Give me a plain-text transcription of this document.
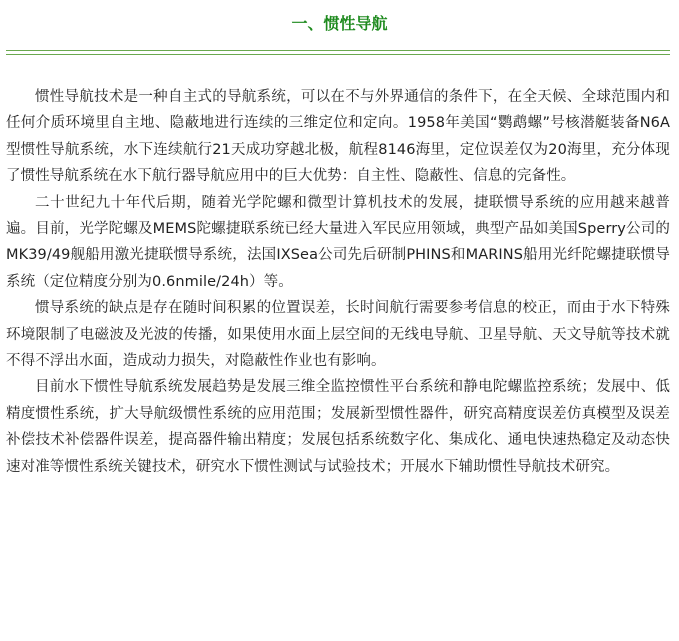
一、惯性导航

惯性导航技术是一种自主式的导航系统，可以在不与外界通信的条件下，在全天候、全球范围内和任何介质环境里自主地、隐蔽地进行连续的三维定位和定向。1958年美国“鹦鹉螺”号核潜艇装备N6A型惯性导航系统，水下连续航行21天成功穿越北极，航程8146海里，定位误差仅为20海里，充分体现了惯性导航系统在水下航行器导航应用中的巨大优势：自主性、隐蔽性、信息的完备性。

二十世纪九十年代后期，随着光学陀螺和微型计算机技术的发展，捷联惯导系统的应用越来越普遍。目前，光学陀螺及MEMS陀螺捷联系统已经大量进入军民应用领域，典型产品如美国Sperry公司的MK39/49舰船用激光捷联惯导系统，法国IXSea公司先后研制PHINS和MARINS船用光纤陀螺捷联惯导系统（定位精度分别为0.6nmile/24h）等。

惯导系统的缺点是存在随时间积累的位置误差，长时间航行需要参考信息的校正，而由于水下特殊环境限制了电磁波及光波的传播，如果使用水面上层空间的无线电导航、卫星导航、天文导航等技术就不得不浮出水面，造成动力损失，对隐蔽性作业也有影响。

目前水下惯性导航系统发展趋势是发展三维全监控惯性平台系统和静电陀螺监控系统；发展中、低精度惯性系统，扩大导航级惯性系统的应用范围；发展新型惯性器件，研究高精度误差仿真模型及误差补偿技术补偿器件误差，提高器件输出精度；发展包括系统数字化、集成化、通电快速热稳定及动态快速对准等惯性系统关键技术，研究水下惯性测试与试验技术；开展水下辅助惯性导航技术研究。
